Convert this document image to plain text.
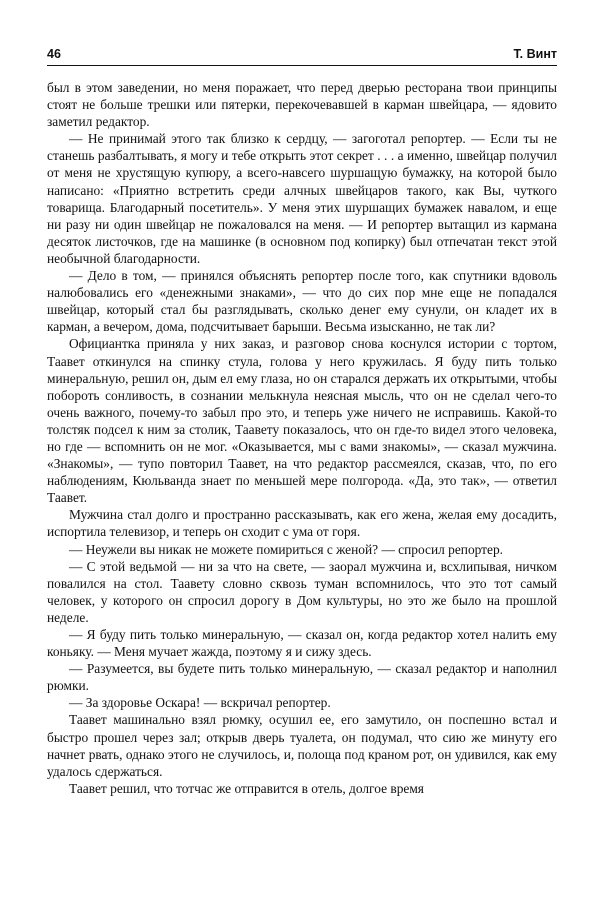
46	Т. Винт

был в этом заведении, но меня поражает, что перед дверью ресторана твои принципы стоят не больше трешки или пятерки, перекочевавшей в карман швейцара, — ядовито заметил редактор.

— Не принимай этого так близко к сердцу, — загоготал репортер. — Если ты не станешь разбалтывать, я могу и тебе открыть этот секрет . . . а именно, швейцар получил от меня не хрустящую купюру, а всего-навсего шуршащую бумажку, на которой было написано: «Приятно встретить среди алчных швейцаров такого, как Вы, чуткого товарища. Благодарный посетитель». У меня этих шуршащих бумажек навалом, и еще ни разу ни один швейцар не пожаловался на меня. — И репортер вытащил из кармана десяток листочков, где на машинке (в основном под копирку) был отпечатан текст этой необычной благодарности.

— Дело в том, — принялся объяснять репортер после того, как спутники вдоволь налюбовались его «денежными знаками», — что до сих пор мне еще не попадался швейцар, который стал бы разглядывать, сколько денег ему сунули, он кладет их в карман, а вечером, дома, подсчитывает барыши. Весьма изысканно, не так ли?

Официантка приняла у них заказ, и разговор снова коснулся истории с тортом, Таавет откинулся на спинку стула, голова у него кружилась. Я буду пить только минеральную, решил он, дым ел ему глаза, но он старался держать их открытыми, чтобы побороть сонливость, в сознании мелькнула неясная мысль, что он не сделал чего-то очень важного, почему-то забыл про это, и теперь уже ничего не исправишь. Какой-то толстяк подсел к ним за столик, Таавету показалось, что он где-то видел этого человека, но где — вспомнить он не мог. «Оказывается, мы с вами знакомы», — сказал мужчина. «Знакомы», — тупо повторил Таавет, на что редактор рассмеялся, сказав, что, по его наблюдениям, Кюльванда знает по меньшей мере полгорода. «Да, это так», — ответил Таавет.

Мужчина стал долго и пространно рассказывать, как его жена, желая ему досадить, испортила телевизор, и теперь он сходит с ума от горя.

— Неужели вы никак не можете помириться с женой? — спросил репортер.

— С этой ведьмой — ни за что на свете, — заорал мужчина и, всхлипывая, ничком повалился на стол. Таавету словно сквозь туман вспомнилось, что это тот самый человек, у которого он спросил дорогу в Дом культуры, но это же было на прошлой неделе.

— Я буду пить только минеральную, — сказал он, когда редактор хотел налить ему коньяку. — Меня мучает жажда, поэтому я и сижу здесь.

— Разумеется, вы будете пить только минеральную, — сказал редактор и наполнил рюмки.

— За здоровье Оскара! — вскричал репортер.

Таавет машинально взял рюмку, осушил ее, его замутило, он поспешно встал и быстро прошел через зал; открыв дверь туалета, он подумал, что сию же минуту его начнет рвать, однако этого не случилось, и, полоща под краном рот, он удивился, как ему удалось сдержаться.

Таавет решил, что тотчас же отправится в отель, долгое время
